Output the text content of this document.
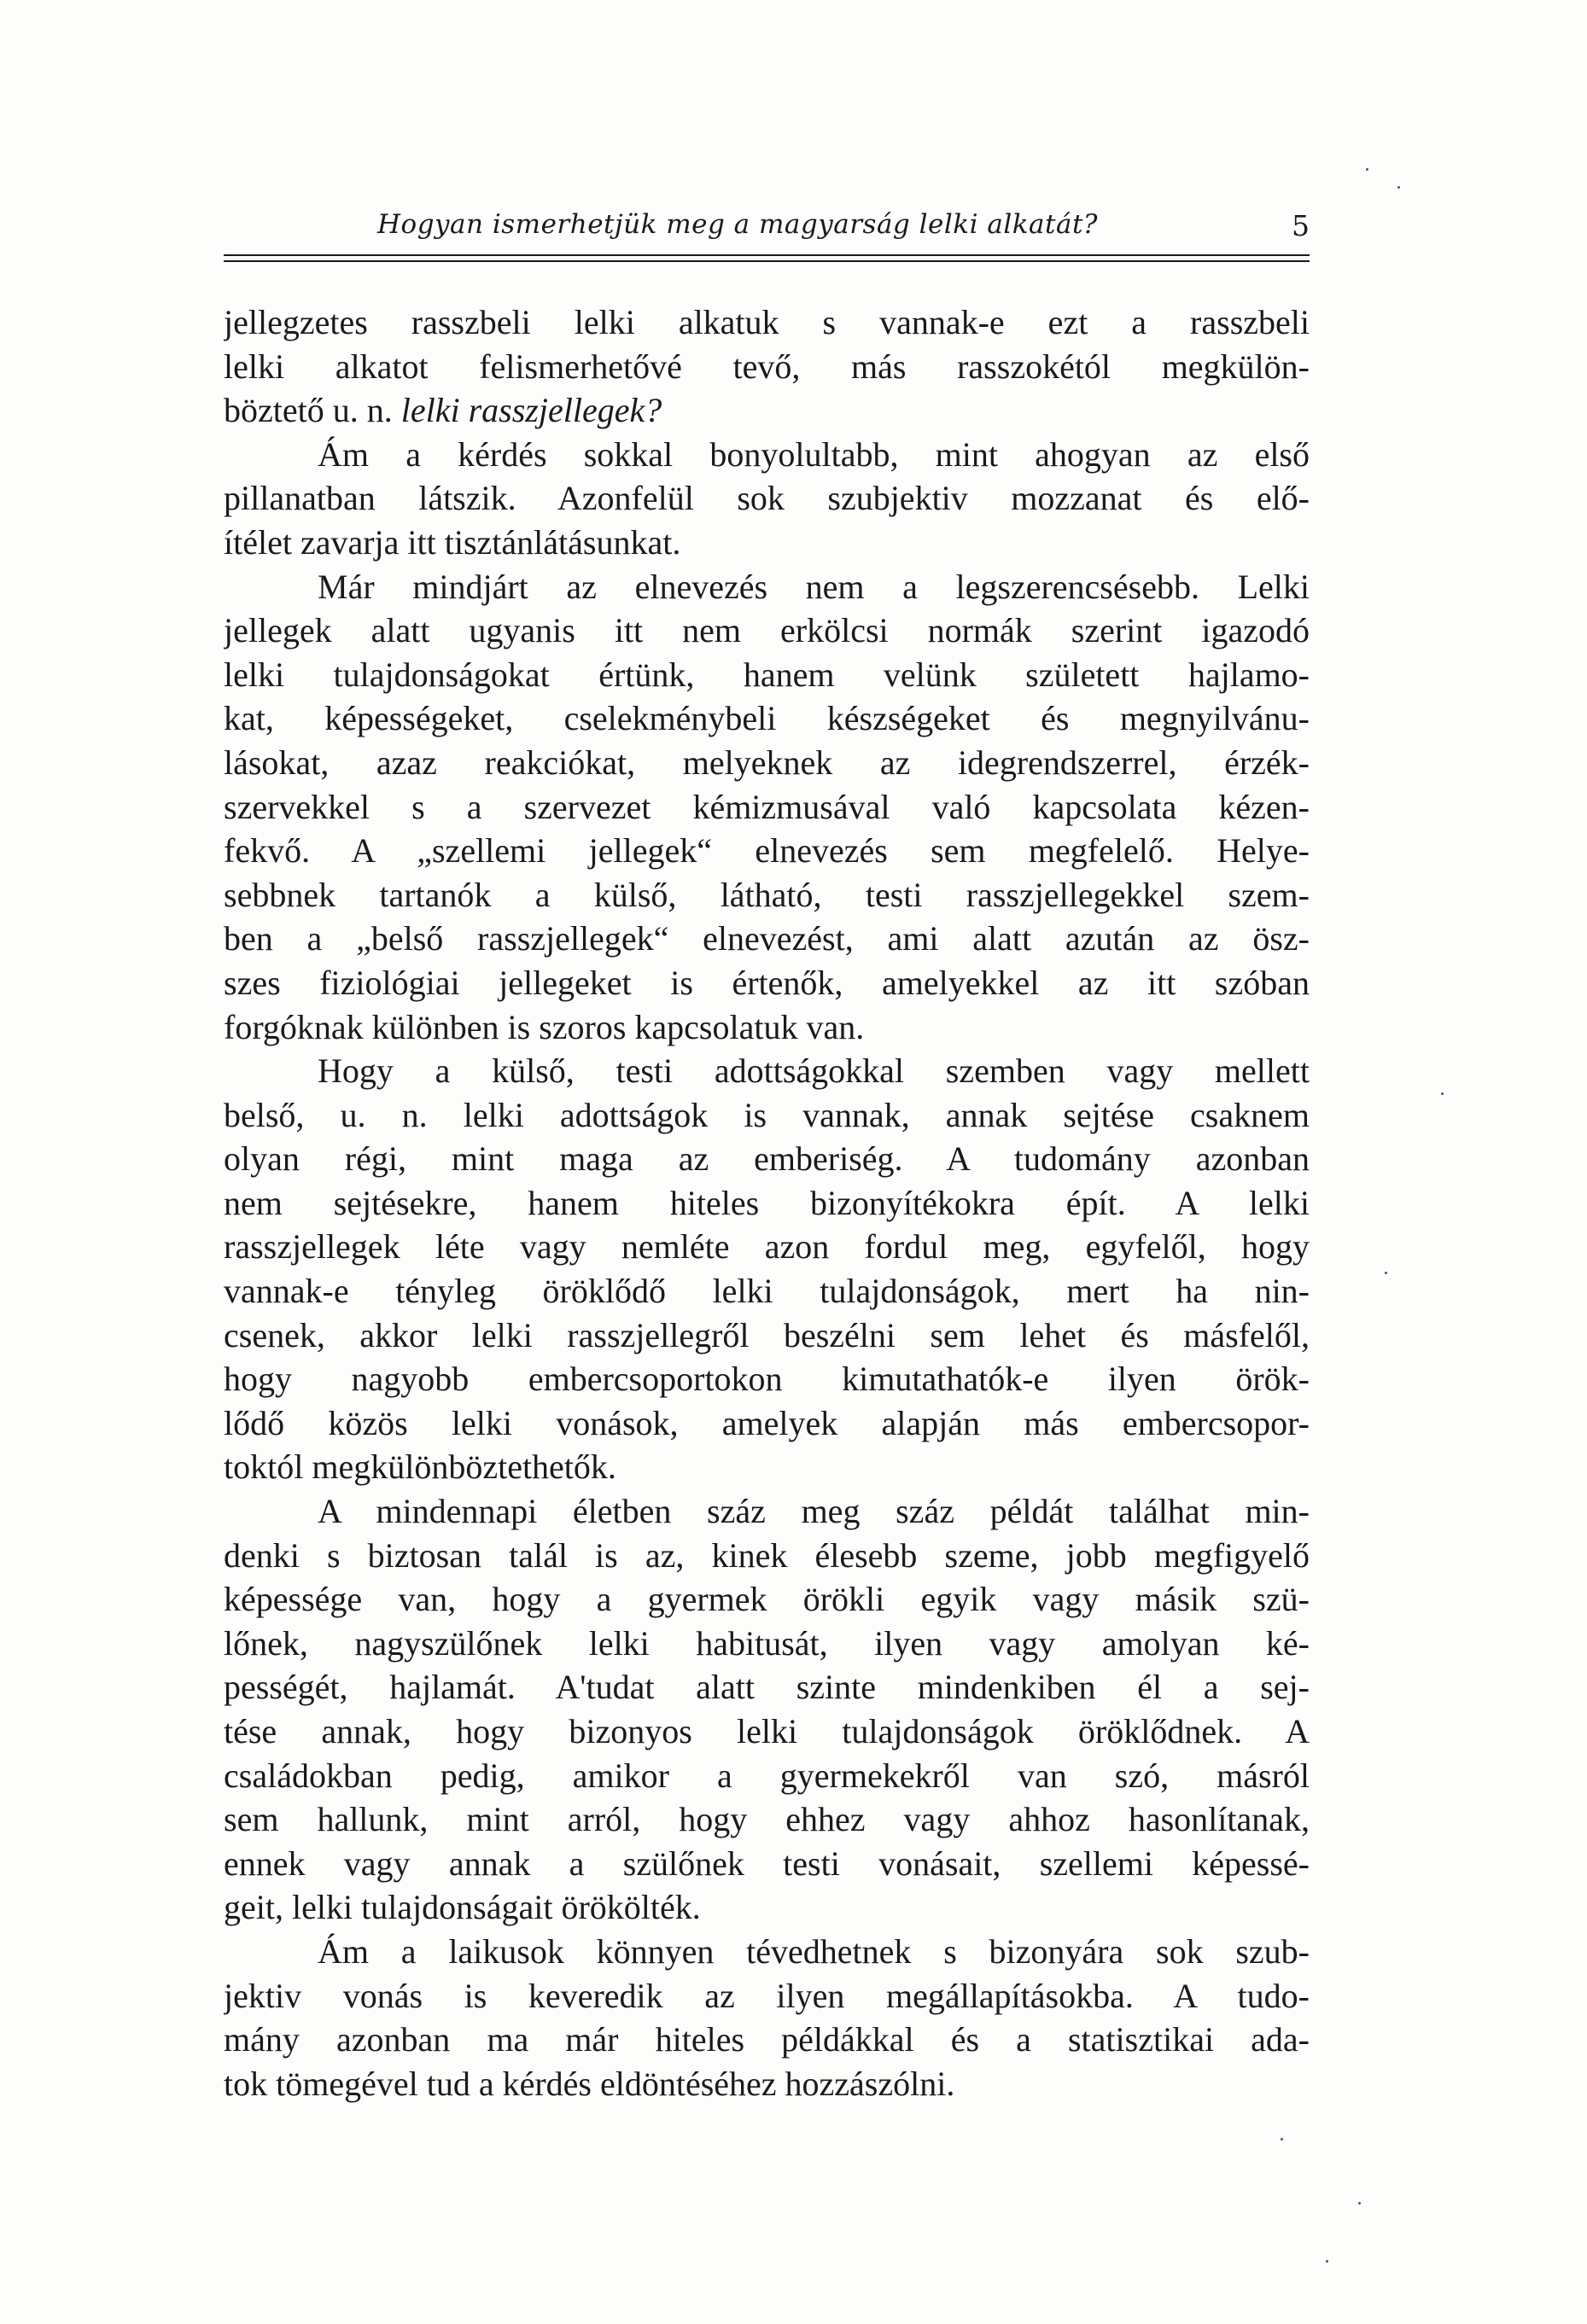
Hogyan ismerhetjük meg a magyarság lelki alkatát?	5
jellegzetes rasszbeli lelki alkatuk s vannak-e ezt a rasszbeli
lelki alkatot felismerhetővé tevő, más rasszokétól megkülön-
böztető u. n. lelki rasszjellegek?
Ám a kérdés sokkal bonyolultabb, mint ahogyan az első
pillanatban látszik. Azonfelül sok szubjektiv mozzanat és elő-
ítélet zavarja itt tisztánlátásunkat.
Már mindjárt az elnevezés nem a legszerencsésebb. Lelki
jellegek alatt ugyanis itt nem erkölcsi normák szerint igazodó
lelki tulajdonságokat értünk, hanem velünk született hajlamo-
kat, képességeket, cselekménybeli készségeket és megnyilvánu-
lásokat, azaz reakciókat, melyeknek az idegrendszerrel, érzék-
szervekkel s a szervezet kémizmusával való kapcsolata kézen-
fekvő. A „szellemi jellegek“ elnevezés sem megfelelő. Helye-
sebbnek tartanók a külső, látható, testi rasszjellegekkel szem-
ben a „belső rasszjellegek“ elnevezést, ami alatt azután az ösz-
szes fiziológiai jellegeket is értenők, amelyekkel az itt szóban
forgóknak különben is szoros kapcsolatuk van.
Hogy a külső, testi adottságokkal szemben vagy mellett
belső, u. n. lelki adottságok is vannak, annak sejtése csaknem
olyan régi, mint maga az emberiség. A tudomány azonban
nem sejtésekre, hanem hiteles bizonyítékokra épít. A lelki
rasszjellegek léte vagy nemléte azon fordul meg, egyfelől, hogy
vannak-e tényleg öröklődő lelki tulajdonságok, mert ha nin-
csenek, akkor lelki rasszjellegről beszélni sem lehet és másfelől,
hogy nagyobb embercsoportokon kimutathatók-e ilyen örök-
lődő közös lelki vonások, amelyek alapján más embercsopor-
toktól megkülönböztethetők.
A mindennapi életben száz meg száz példát találhat min-
denki s biztosan talál is az, kinek élesebb szeme, jobb megfigyelő
képessége van, hogy a gyermek örökli egyik vagy másik szü-
lőnek, nagyszülőnek lelki habitusát, ilyen vagy amolyan ké-
pességét, hajlamát. A'tudat alatt szinte mindenkiben él a sej-
tése annak, hogy bizonyos lelki tulajdonságok öröklődnek. A
családokban pedig, amikor a gyermekekről van szó, másról
sem hallunk, mint arról, hogy ehhez vagy ahhoz hasonlítanak,
ennek vagy annak a szülőnek testi vonásait, szellemi képessé-
geit, lelki tulajdonságait örökölték.
Ám a laikusok könnyen tévedhetnek s bizonyára sok szub-
jektiv vonás is keveredik az ilyen megállapításokba. A tudo-
mány azonban ma már hiteles példákkal és a statisztikai ada-
tok tömegével tud a kérdés eldöntéséhez hozzászólni.
